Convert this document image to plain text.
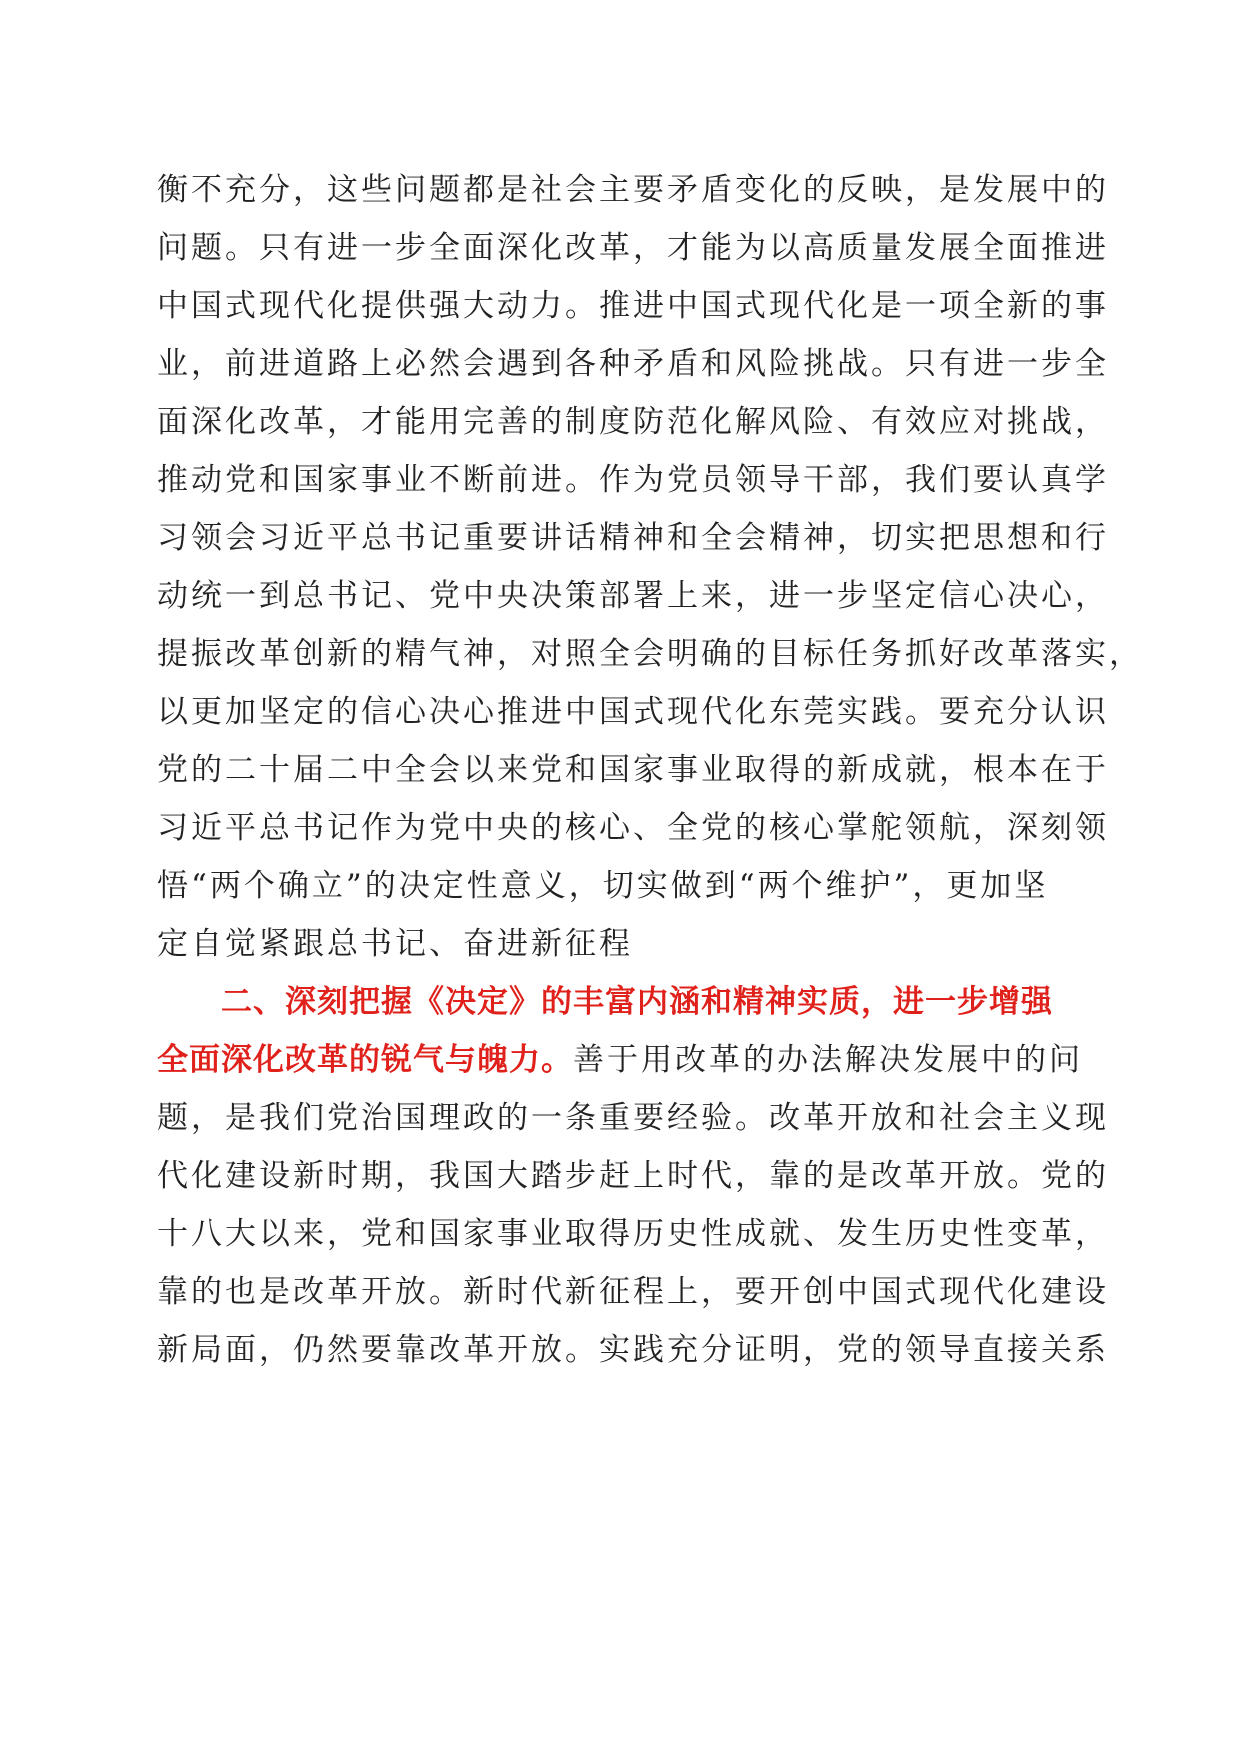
衡不充分，这些问题都是社会主要矛盾变化的反映，是发展中的
问题。只有进一步全面深化改革，才能为以高质量发展全面推进
中国式现代化提供强大动力。推进中国式现代化是一项全新的事
业，前进道路上必然会遇到各种矛盾和风险挑战。只有进一步全
面深化改革，才能用完善的制度防范化解风险、有效应对挑战，
推动党和国家事业不断前进。作为党员领导干部，我们要认真学
习领会习近平总书记重要讲话精神和全会精神，切实把思想和行
动统一到总书记、党中央决策部署上来，进一步坚定信心决心，
提振改革创新的精气神，对照全会明确的目标任务抓好改革落实，
以更加坚定的信心决心推进中国式现代化东莞实践。要充分认识
党的二十届二中全会以来党和国家事业取得的新成就，根本在于
习近平总书记作为党中央的核心、全党的核心掌舵领航，深刻领
悟“两个确立”的决定性意义，切实做到“两个维护”，更加坚
定自觉紧跟总书记、奋进新征程
二、深刻把握《决定》的丰富内涵和精神实质，进一步增强
全面深化改革的锐气与魄力。善于用改革的办法解决发展中的问
题，是我们党治国理政的一条重要经验。改革开放和社会主义现
代化建设新时期，我国大踏步赶上时代，靠的是改革开放。党的
十八大以来，党和国家事业取得历史性成就、发生历史性变革，
靠的也是改革开放。新时代新征程上，要开创中国式现代化建设
新局面，仍然要靠改革开放。实践充分证明，党的领导直接关系
